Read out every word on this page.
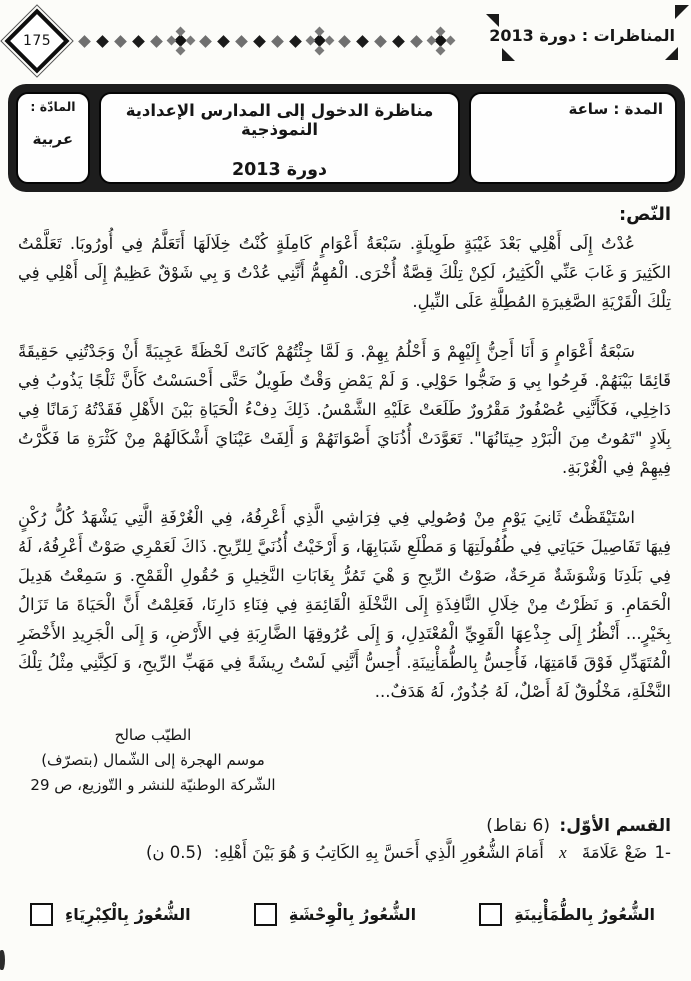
175	المناظرات : دورة 2013
المدة : ساعة
مناظرة الدخول إلى المدارس الإعدادية النموذجية
دورة 2013
المادّة :
عربية
النّص:

عُدْتُ إِلَى أَهْلِي بَعْدَ غَيْبَةٍ طَوِيلَةٍ. سَبْعَةُ أَعْوَامٍ كَامِلَةٍ كُنْتُ خِلَالَهَا أَتَعَلَّمُ فِي أُورُوبَا. تَعَلَّمْتُ الكَثِيرَ وَ غَابَ عَنِّي الْكَثِيرُ، لَكِنْ تِلْكَ قِصَّةٌ أُخْرَى. الْمُهِمُّ أَنَّنِي عُدْتُ وَ بِي شَوْقٌ عَظِيمٌ إِلَى أَهْلِي فِي تِلْكَ الْقَرْيَةِ الصَّغِيرَةِ المُطِلَّةِ عَلَى النِّيلِ.

سَبْعَةُ أَعْوَامٍ وَ أَنَا أَحِنُّ إِلَيْهِمْ وَ أَحْلُمُ بِهِمْ. وَ لَمَّا جِئْتُهُمْ كَانَتْ لَحْظَةً عَجِيبَةً أَنْ وَجَدْتُنِي حَقِيقَةً قَائِمًا بَيْنَهُمْ. فَرِحُوا بِي وَ ضَجُّوا حَوْلِي. وَ لَمْ يَمْضِ وَقْتٌ طَوِيلٌ حَتَّى أَحْسَسْتُ كَأَنَّ ثَلْجًا يَذُوبُ فِي دَاخِلِي، فَكَأَنَّنِي عُصْفُورٌ مَقْرُورٌ طَلَعَتْ عَلَيْهِ الشَّمْسُ. ذَلِكَ دِفْءُ الْحَيَاةِ بَيْنَ الأَهْلِ فَقَدْتُهُ زَمَانًا فِي بِلَادٍ "تَمُوتُ مِنَ الْبَرْدِ حِيتَانُهَا". تَعَوَّدَتْ أُذُنَايَ أَصْوَاتَهُمْ وَ أَلِفَتْ عَيْنَايَ أَشْكَالَهُمْ مِنْ كَثْرَةِ مَا فَكَّرْتُ فِيهِمْ فِي الْغُرْبَةِ.

اسْتَيْقَظْتُ ثَانِيَ يَوْمٍ مِنْ وُصُولِي فِي فِرَاشِي الَّذِي أَعْرِفُهُ، فِي الْغُرْفَةِ الَّتِي يَشْهَدُ كُلُّ رُكْنٍ فِيهَا تَفَاصِيلَ حَيَاتِي فِي طُفُولَتِهَا وَ مَطْلَعِ شَبَابِهَا، وَ أَرْخَيْتُ أُذُنَيَّ لِلرِّيحِ. ذَاكَ لَعَمْرِي صَوْتٌ أَعْرِفُهُ، لَهُ فِي بَلَدِنَا وَشْوَشَةٌ مَرِحَةٌ، صَوْتُ الرِّيحِ وَ هْيَ تَمُرُّ بِغَابَاتِ النَّخِيلِ وَ حُقُولِ الْقَمْحِ. وَ سَمِعْتُ هَدِيلَ الْحَمَامِ. وَ نَظَرْتُ مِنْ خِلَالِ النَّافِذَةِ إِلَى النَّخْلَةِ الْقَائِمَةِ فِي فِنَاءِ دَارِنَا، فَعَلِمْتُ أَنَّ الْحَيَاةَ مَا تَزَالُ بِخَيْرٍ... أَنْظُرُ إِلَى جِذْعِهَا الْقَوِيِّ الْمُعْتَدِلِ، وَ إِلَى عُرُوقِهَا الضَّارِبَةِ فِي الأَرْضِ، وَ إِلَى الْجَرِيدِ الأَخْضَرِ الْمُتَهَدِّلِ فَوْقَ قَامَتِهَا، فَأُحِسُّ بِالطُّمَأْنِينَةِ. أُحِسُّ أَنَّنِي لَسْتُ رِيشَةً فِي مَهَبِّ الرِّيحِ، وَ لَكِنَّنِي مِثْلُ تِلْكَ النَّخْلَةِ، مَخْلُوقٌ لَهُ أَصْلٌ، لَهُ جُذُورٌ، لَهُ هَدَفٌ...

الطيّب صالح
موسم الهجرة إلى الشّمال (بتصرّف)
الشّركة الوطنيّة للنشر و التّوزيع، ص 29
القسم الأوّل: (6 نقاط)
1- ضَعْ عَلَامَةَ x أَمَامَ الشُّعُورِ الَّذِي أَحَسَّ بِهِ الكَاتِبُ وَ هُوَ بَيْنَ أَهْلِهِ: (0.5 ن)
الشُّعُورُ بِالطُّمَأْنِينَةِ
الشُّعُورُ بِالْوِحْشَةِ
الشُّعُورُ بِالْكِبْرِيَاءِ
